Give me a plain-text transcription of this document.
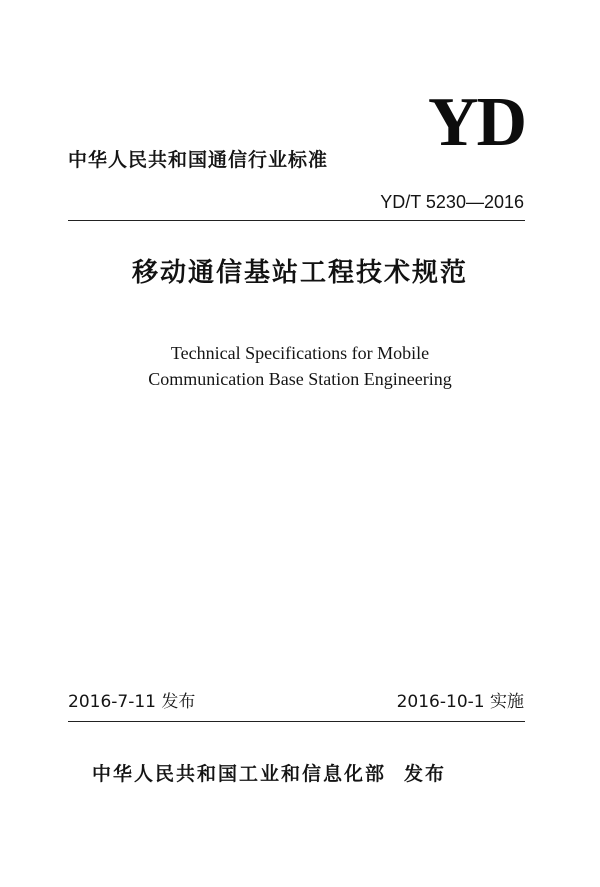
YD
中华人民共和国通信行业标准
YD/T 5230—2016
移动通信基站工程技术规范
Technical Specifications for Mobile
Communication Base Station Engineering
2016-7-11 发布	2016-10-1 实施
中华人民共和国工业和信息化部 发布
